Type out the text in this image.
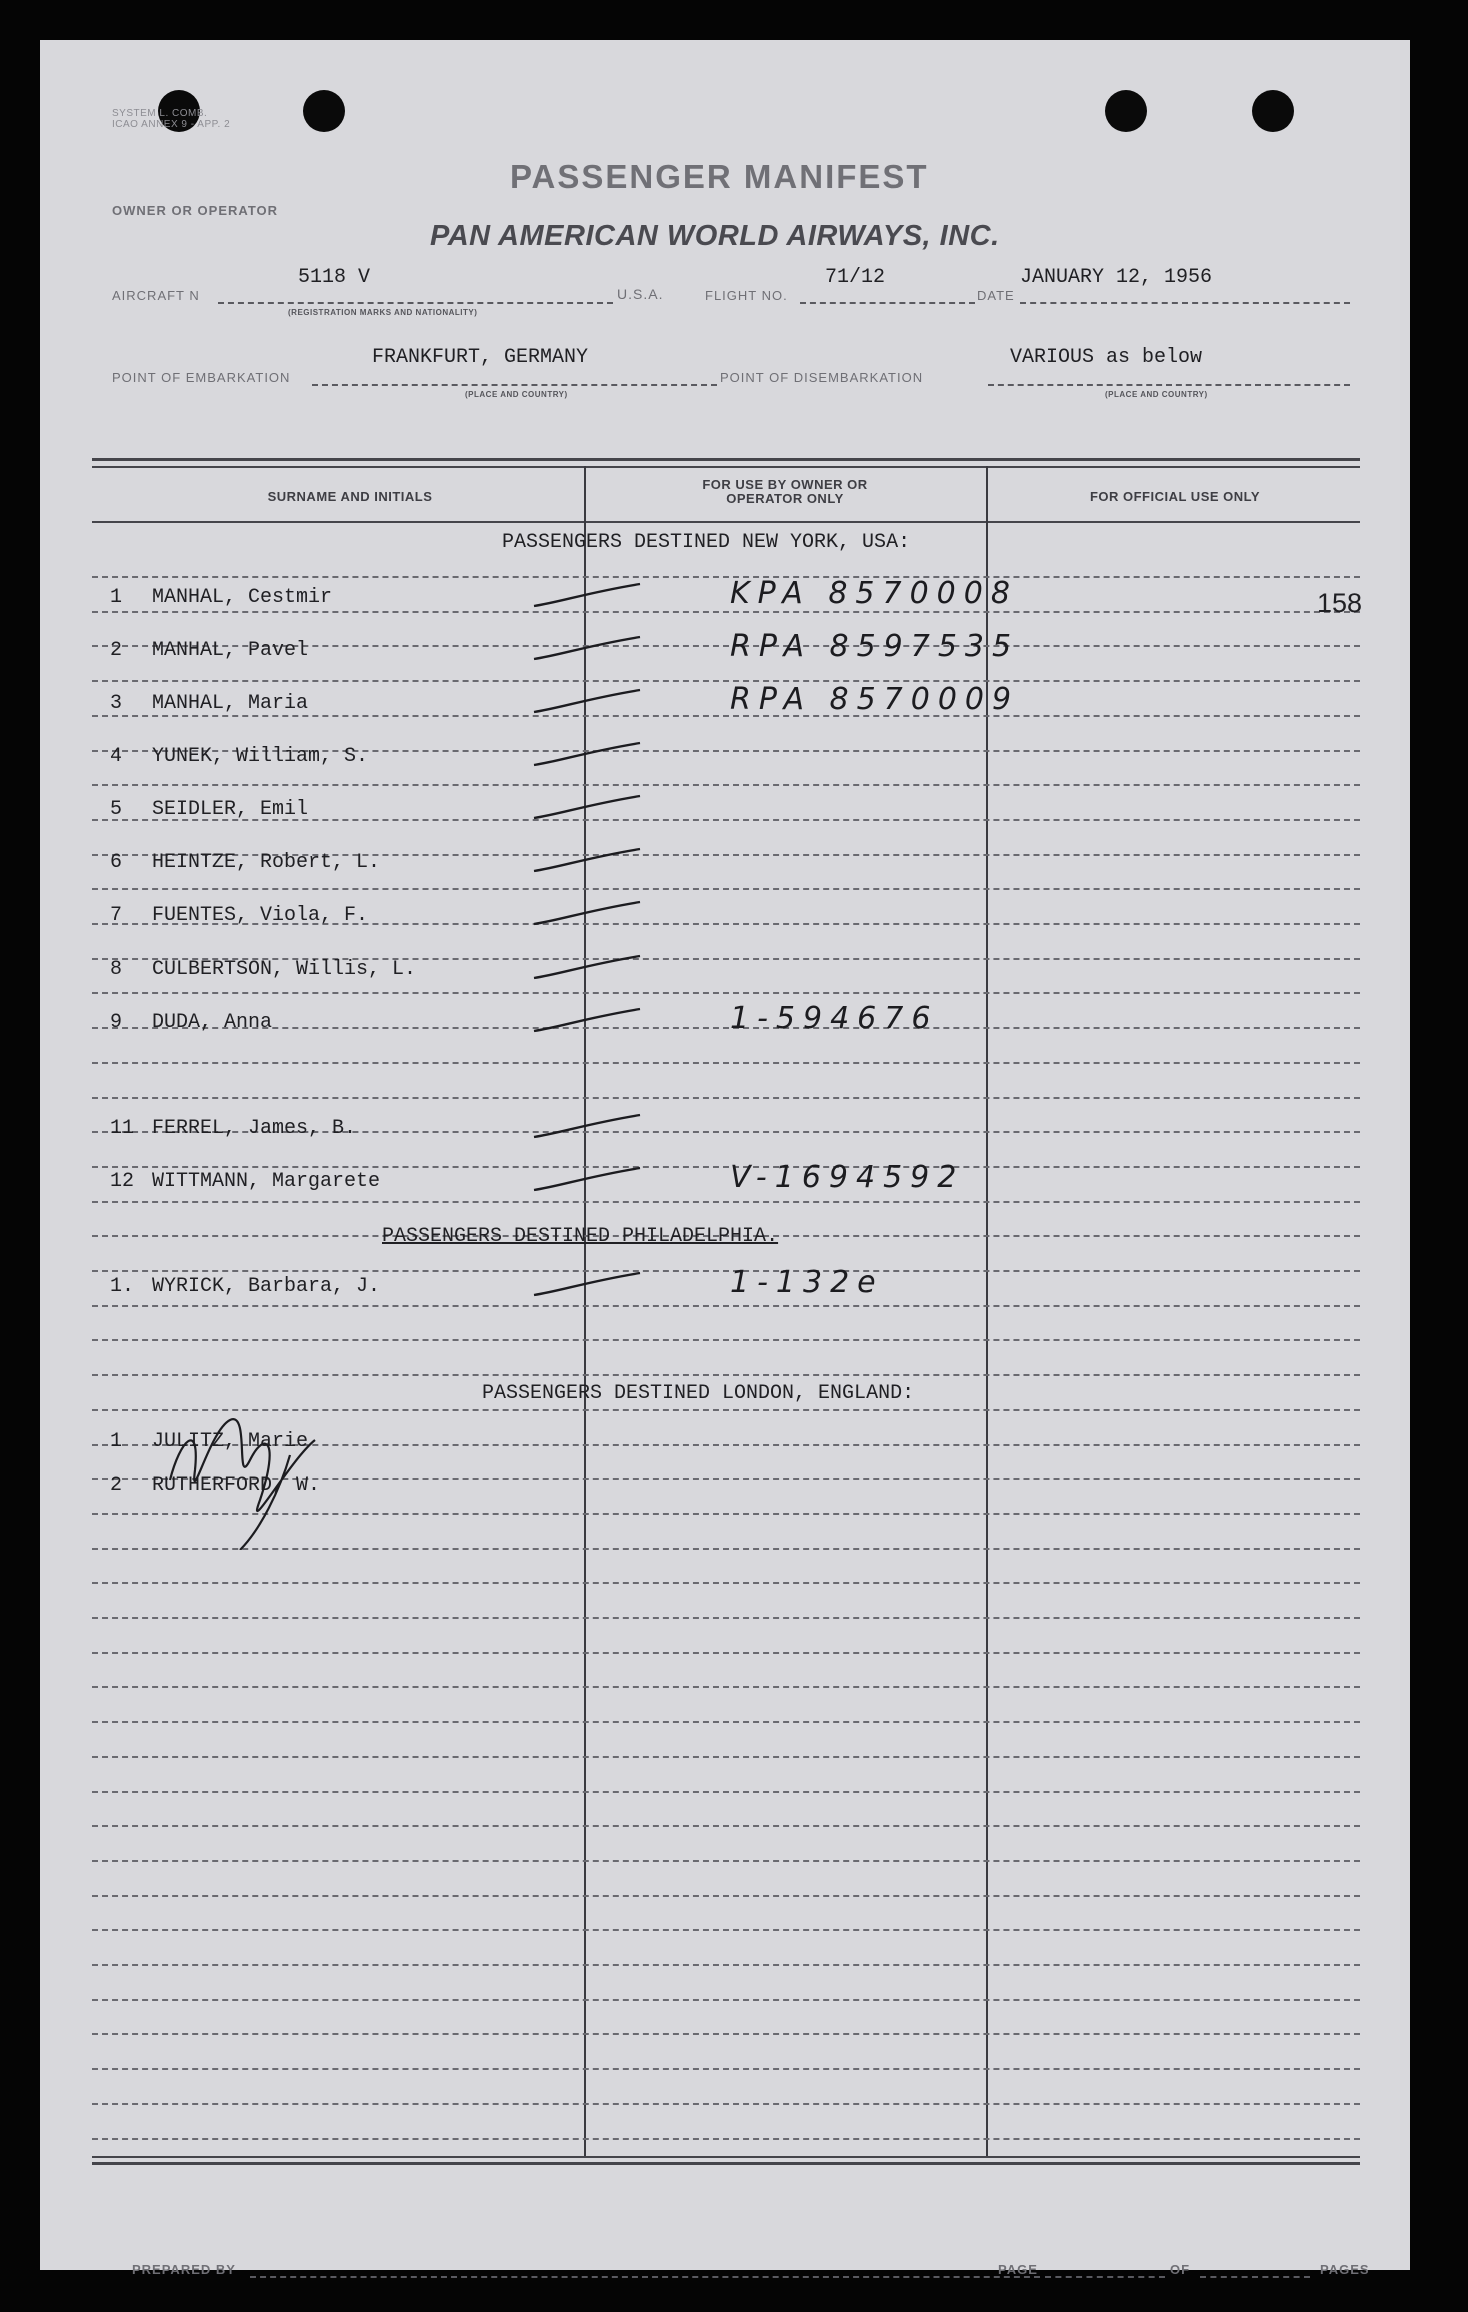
SYSTEM L. COMB.
ICAO ANNEX 9 - APP. 2
PASSENGER MANIFEST
OWNER OR OPERATOR
PAN AMERICAN WORLD AIRWAYS, INC.
AIRCRAFT N
5118 V
(REGISTRATION MARKS AND NATIONALITY)
U.S.A.	FLIGHT NO.
71/12
DATE
JANUARY 12, 1956
POINT OF EMBARKATION
FRANKFURT, GERMANY
(PLACE AND COUNTRY)
POINT OF DISEMBARKATION
VARIOUS as below
(PLACE AND COUNTRY)
SURNAME AND INITIALS
FOR USE BY OWNER OR OPERATOR ONLY	FOR OFFICIAL USE ONLY
PASSENGERS DESTINED NEW YORK, USA:
PASSENGERS DESTINED PHILADELPHIA.
PASSENGERS DESTINED LONDON, ENGLAND:
158
1 MANHAL, Cestmir	KPA 8570008
2 MANHAL, Pavel	RPA 8597535
3 MANHAL, Maria	RPA 8570009
4 YUNEK, William, S.
5 SEIDLER, Emil
6 HEINTZE, Robert, L.
7 FUENTES, Viola, F.
8 CULBERTSON, Willis, L.
9 DUDA, Anna	1-594676
11 FERREL, James, B.
12 WITTMANN, Margarete	V-1694592
1. WYRICK, Barbara, J.	1-132e
1 JULITZ, Marie
2 RUTHERFORD, W.
PREPARED BY	PAGE	OF	PAGES
